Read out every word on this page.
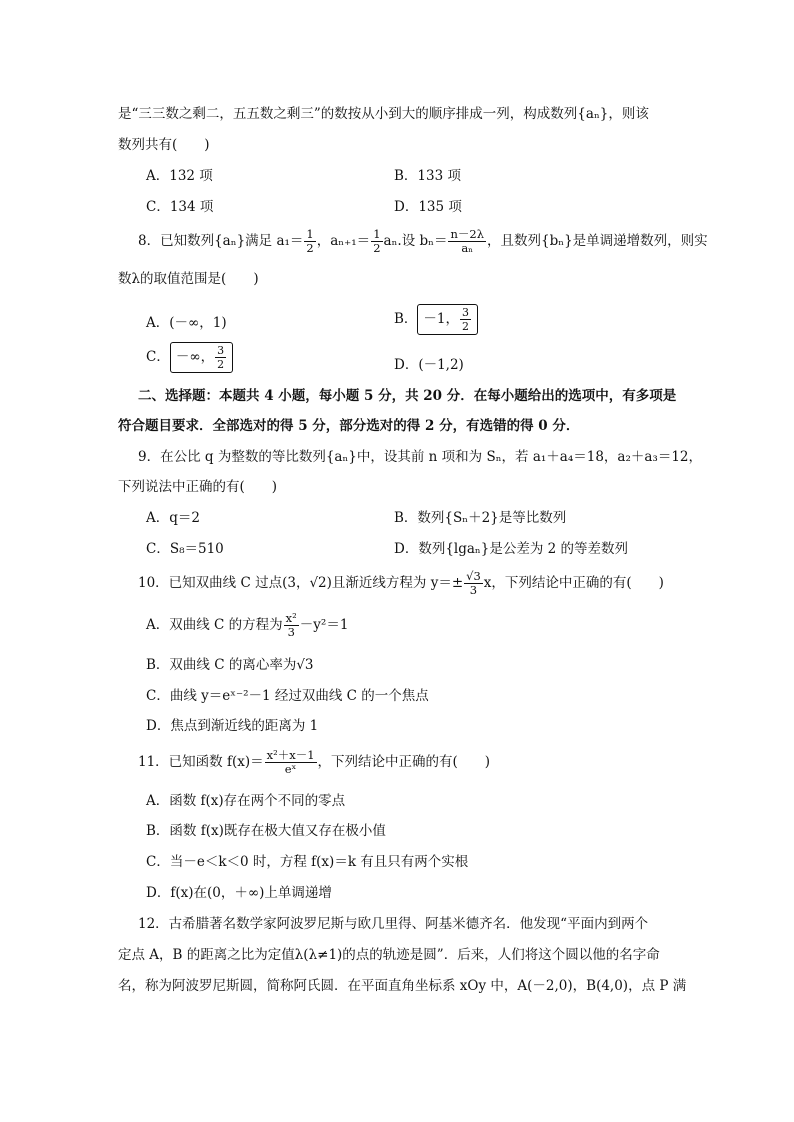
是“三三数之剩二，五五数之剩三”的数按从小到大的顺序排成一列，构成数列{aₙ}，则该
数列共有(　　)
A．132 项	B．133 项
C．134 项	D．135 项
8．已知数列{aₙ}满足 $a_1= \frac{1}{2}$ ，$a_{n+1}= \frac{1}{2} a_n$.设 $b_n= \frac{n-2\lambda}{\text{aₙ}}$ ，且数列{bₙ}是单调递增数列，则实
数λ的取值范围是(　　)
A．(－∞，1)	B． －1， $\frac{3}{2}$
C． －∞， $\frac{3}{2}$	D．(－1,2)
二、选择题：本题共 4 小题，每小题 5 分，共 20 分．在每小题给出的选项中，有多项是
符合题目要求．全部选对的得 5 分，部分选对的得 2 分，有选错的得 0 分．
9．在公比 q 为整数的等比数列{aₙ}中，设其前 n 项和为 Sₙ，若 a₁＋a₄＝18，a₂＋a₃＝12，
下列说法中正确的有(　　)
A．q＝2	B．数列{Sₙ＋2}是等比数列
C．S₈＝510	D．数列{lgaₙ}是公差为 2 的等差数列
10．已知双曲线 C 过点(3，√2)且渐近线方程为 $y=\pm \frac{√3}{3}$ x，下列结论中正确的有(　　)
A．双曲线 C 的方程为 $\frac{\text{x²}}{3} -y^2=1$
B．双曲线 C 的离心率为√3
C．曲线 y＝eˣ⁻²－1 经过双曲线 C 的一个焦点
D．焦点到渐近线的距离为 1
11．已知函数 $f(x)= \frac{\text{x²＋x－1}}{\text{eˣ}}$ ，下列结论中正确的有(　　)
A．函数 f(x)存在两个不同的零点
B．函数 f(x)既存在极大值又存在极小值
C．当－e＜k＜0 时，方程 f(x)＝k 有且只有两个实根
D．f(x)在(0，＋∞)上单调递增
12．古希腊著名数学家阿波罗尼斯与欧几里得、阿基米德齐名．他发现“平面内到两个
定点 A，B 的距离之比为定值λ(λ≠1)的点的轨迹是圆”．后来，人们将这个圆以他的名字命
名，称为阿波罗尼斯圆，简称阿氏圆．在平面直角坐标系 xOy 中，A(－2,0)，B(4,0)，点 P 满
